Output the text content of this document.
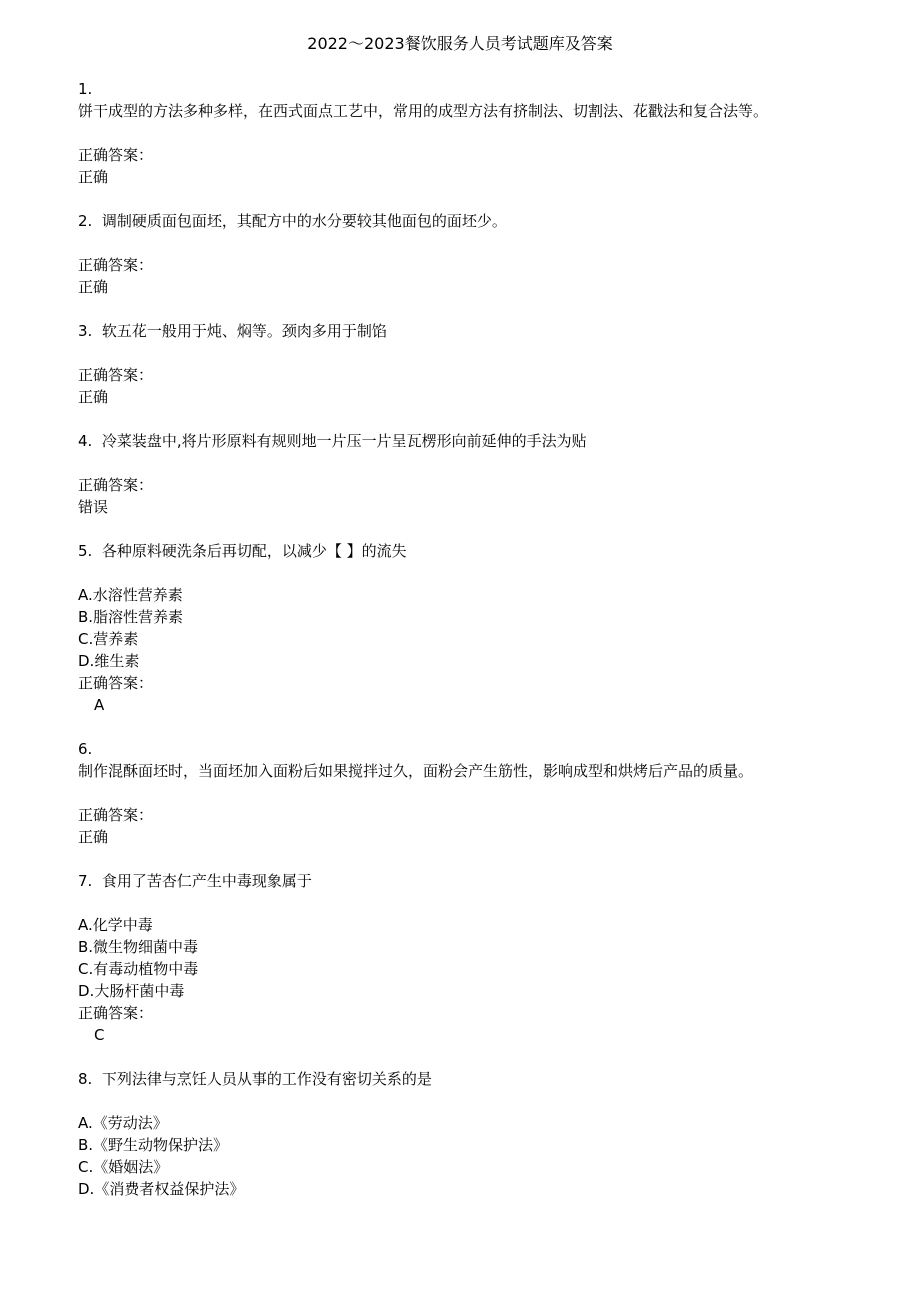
2022～2023餐饮服务人员考试题库及答案
1.
饼干成型的方法多种多样，在西式面点工艺中，常用的成型方法有挤制法、切割法、花戳法和复合法等。
正确答案：
正确
2. 调制硬质面包面坯，其配方中的水分要较其他面包的面坯少。
正确答案：
正确
3. 软五花一般用于炖、焖等。颈肉多用于制馅
正确答案：
正确
4. 冷菜装盘中,将片形原料有规则地一片压一片呈瓦楞形向前延伸的手法为贴
正确答案：
错误
5. 各种原料硬洗条后再切配，以减少【 】的流失
A.水溶性营养素
B.脂溶性营养素
C.营养素
D.维生素
正确答案：
A
6.
制作混酥面坯时，当面坯加入面粉后如果搅拌过久，面粉会产生筋性，影响成型和烘烤后产品的质量。
正确答案：
正确
7. 食用了苦杏仁产生中毒现象属于
A.化学中毒
B.微生物细菌中毒
C.有毒动植物中毒
D.大肠杆菌中毒
正确答案：
C
8. 下列法律与烹饪人员从事的工作没有密切关系的是
A.《劳动法》
B.《野生动物保护法》
C.《婚姻法》
D.《消费者权益保护法》
